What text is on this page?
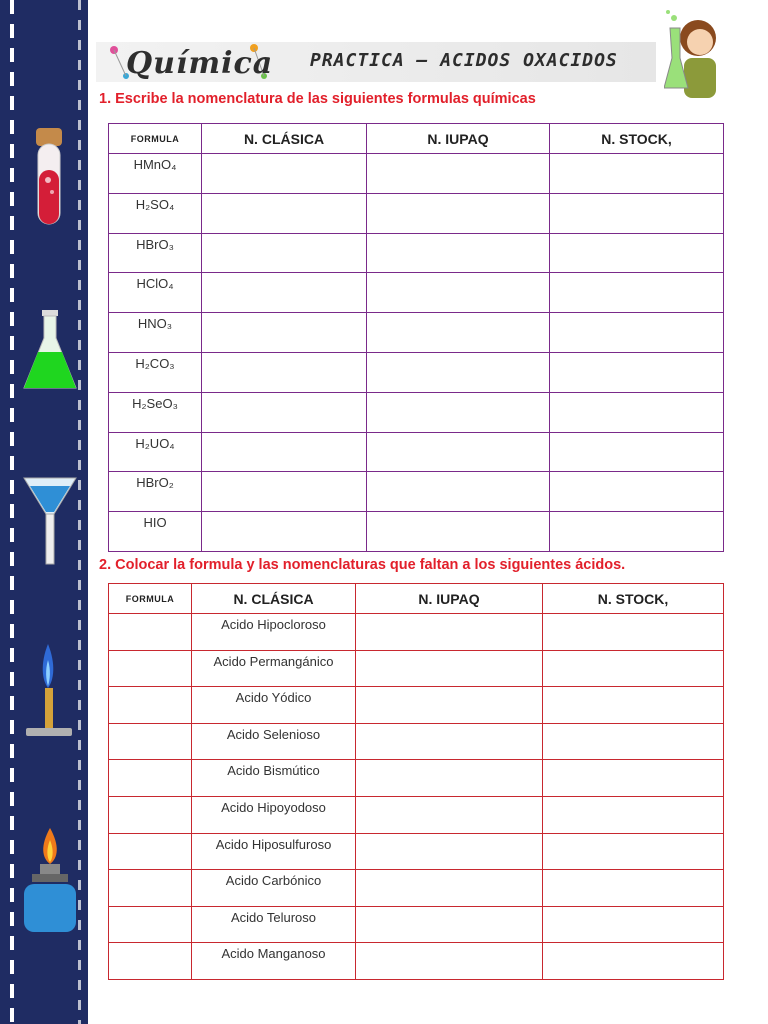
Química PRACTICA – ACIDOS OXACIDOS
1. Escribe la nomenclatura de las siguientes formulas químicas
FORMULA	N. CLÁSICA	N. IUPAQ	N. STOCK,
HMnO₄			
H₂SO₄			
HBrO₃			
HClO₄			
HNO₃			
H₂CO₃			
H₂SeO₃			
H₂UO₄			
HBrO₂			
HIO			
2. Colocar la formula y las nomenclaturas que faltan a los siguientes ácidos.
FORMULA	N. CLÁSICA	N. IUPAQ	N. STOCK,
	Acido Hipocloroso		
	Acido Permangánico		
	Acido Yódico		
	Acido Selenioso		
	Acido Bismútico		
	Acido Hipoyodoso		
	Acido Hiposulfuroso		
	Acido Carbónico		
	Acido Teluroso		
	Acido Manganoso		
